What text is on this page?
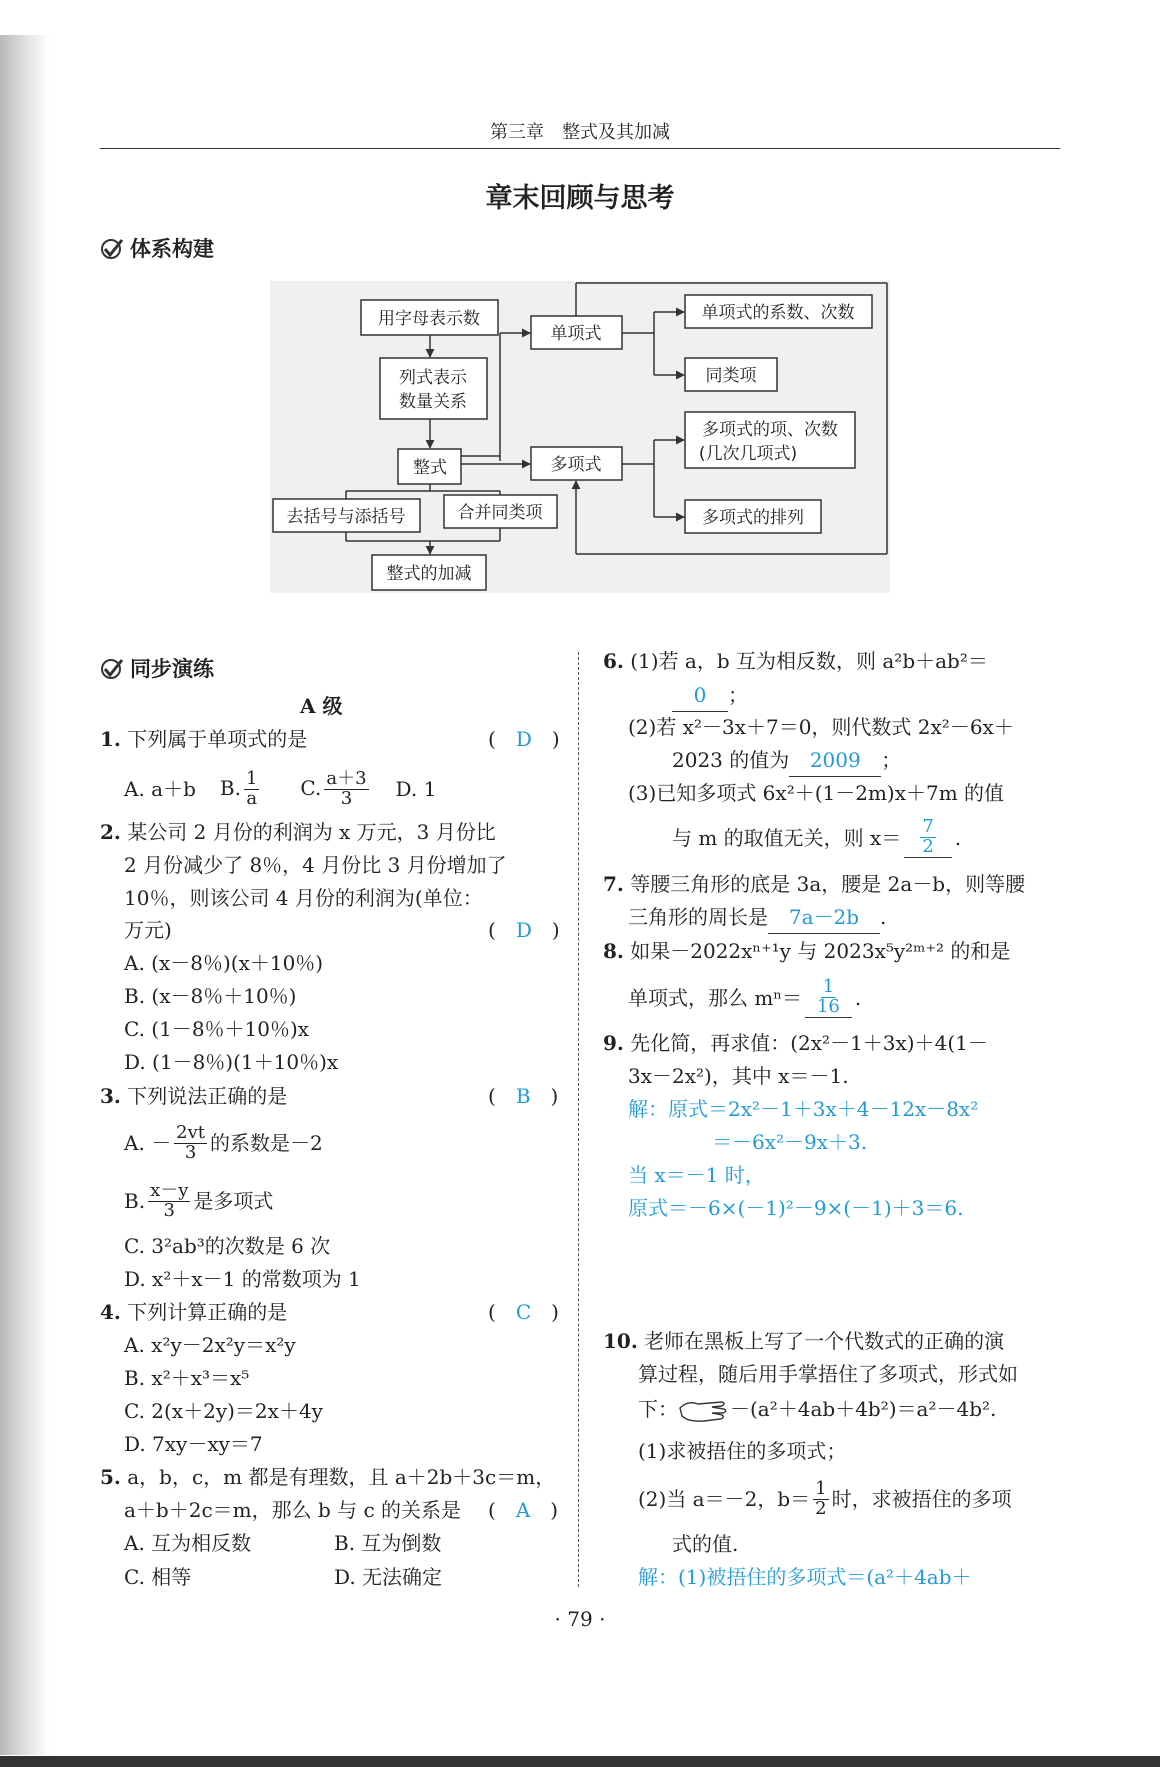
第三章　整式及其加减
章末回顾与思考
体系构建
用字母表示数
列式表示
数量关系
整式
去括号与添括号	合并同类项
整式的加减
单项式
多项式
单项式的系数、次数
同类项
多项式的项、次数
(几次几项式)
多项式的排列
同步演练
A 级
1. 下列属于单项式的是	(　D　)
A. a＋b B. $\frac{1}{a} C$. $\frac{a+3}{3} D$. 1
2. 某公司 2 月份的利润为 x 万元，3 月份比
2 月份减少了 8％，4 月份比 3 月份增加了
10％，则该公司 4 月份的利润为(单位：
万元)	(　D　)
A. (x－8％)(x＋10％)
B. (x－8％＋10％)
C. (1－8％＋10％)x
D. (1－8％)(1＋10％)x
3. 下列说法正确的是	(　B　)
A. － $\frac{2vt}{3}$ 的系数是－2
B. $\frac{x-y}{3}$ 是多项式
C. 3²ab³的次数是 6 次
D. x²＋x－1 的常数项为 1
4. 下列计算正确的是	(　C　)
A. x²y－2x²y＝x²y
B. x²＋x³＝x⁵
C. 2(x＋2y)＝2x＋4y
D. 7xy－xy＝7
5. a，b，c，m 都是有理数，且 a＋2b＋3c＝m，
a＋b＋2c＝m，那么 b 与 c 的关系是 (　A　)
A. 互为相反数	B. 互为倒数
C. 相等	D. 无法确定
6. (1)若 a，b 互为相反数，则 a²b＋ab²＝
0 ；
(2)若 x²－3x＋7＝0，则代数式 2x²－6x＋
2023 的值为 2009 ；
(3)已知多项式 6x²＋(1－2m)x＋7m 的值
与 m 的取值无关，则 $x= \frac{7}{2}$ .
7. 等腰三角形的底是 3a，腰是 2a－b，则等腰
三角形的周长是 7a－2b .
8. 如果－2022xⁿ⁺¹y 与 2023x⁵y²ᵐ⁺² 的和是
单项式，那么 $m^n= \frac{1}{16}$ .
9. 先化简，再求值：(2x²－1＋3x)＋4(1－
3x－2x²)，其中 x＝－1.
解：原式＝2x²－1＋3x＋4－12x－8x²
＝－6x²－9x＋3.
当 x＝－1 时，
原式＝－6×(－1)²－9×(－1)＋3＝6.
10. 老师在黑板上写了一个代数式的正确的演
算过程，随后用手掌捂住了多项式，形式如
下：	－(a²＋4ab＋4b²)＝a²－4b².
(1)求被捂住的多项式；
(2)当 a＝－2，$b= \frac{1}{2}$ 时，求被捂住的多项
式的值.
解：(1)被捂住的多项式＝(a²＋4ab＋
· 79 ·
